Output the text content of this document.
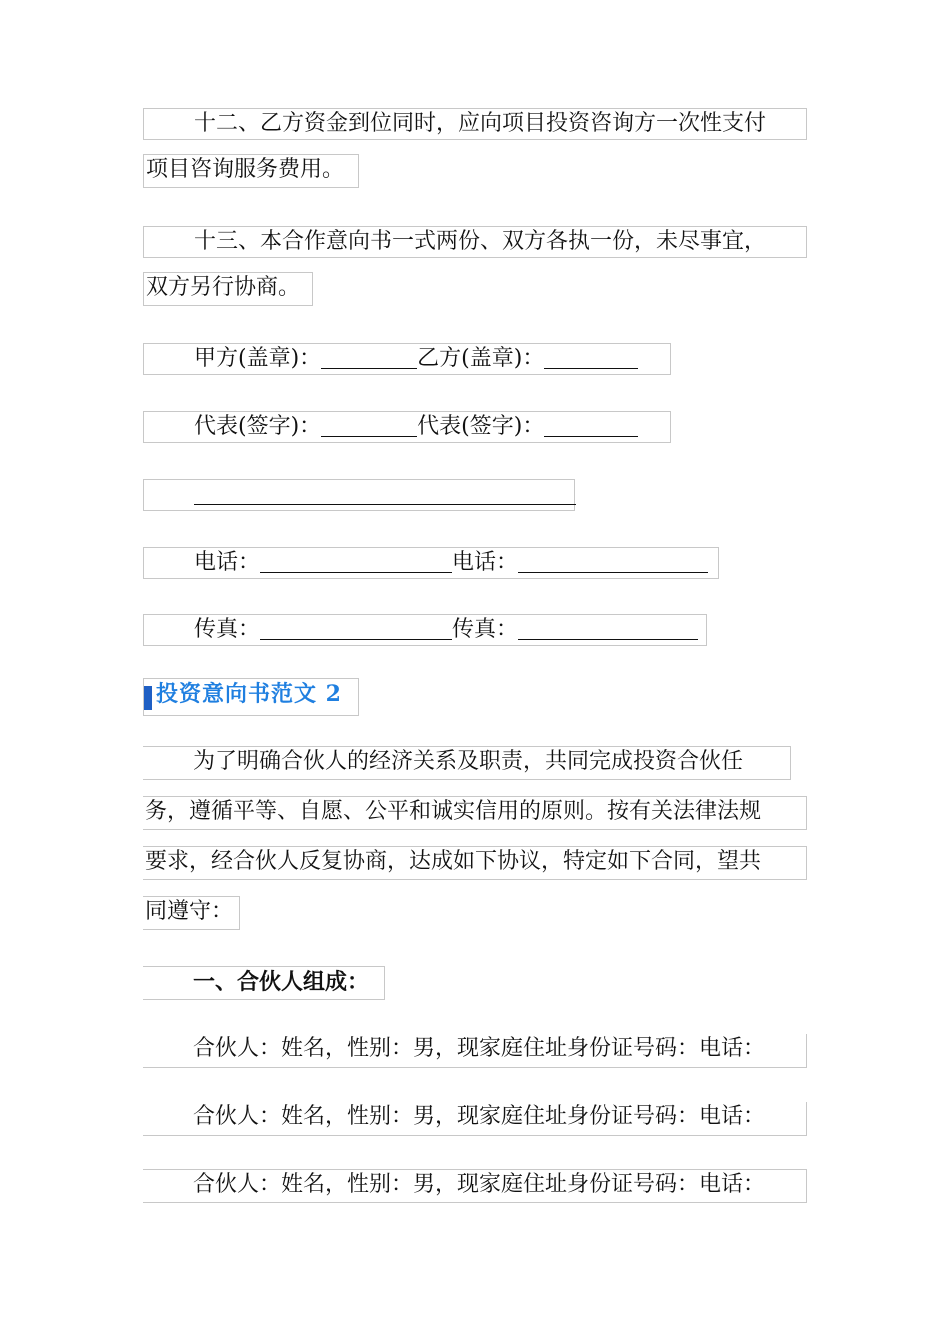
十二、乙方资金到位同时，应向项目投资咨询方一次性支付
项目咨询服务费用。
十三、本合作意向书一式两份、双方各执一份，未尽事宜，
双方另行协商。
甲方(盖章)：	乙方(盖章)：
代表(签字)：	代表(签字)：
电话：	电话：
传真：	传真：
投资意向书范文 2
为了明确合伙人的经济关系及职责，共同完成投资合伙任
务，遵循平等、自愿、公平和诚实信用的原则。按有关法律法规
要求，经合伙人反复协商，达成如下协议，特定如下合同，望共
同遵守：
一、合伙人组成：
合伙人：姓名，性别：男，现家庭住址身份证号码：电话：
合伙人：姓名，性别：男，现家庭住址身份证号码：电话：
合伙人：姓名，性别：男，现家庭住址身份证号码：电话：
